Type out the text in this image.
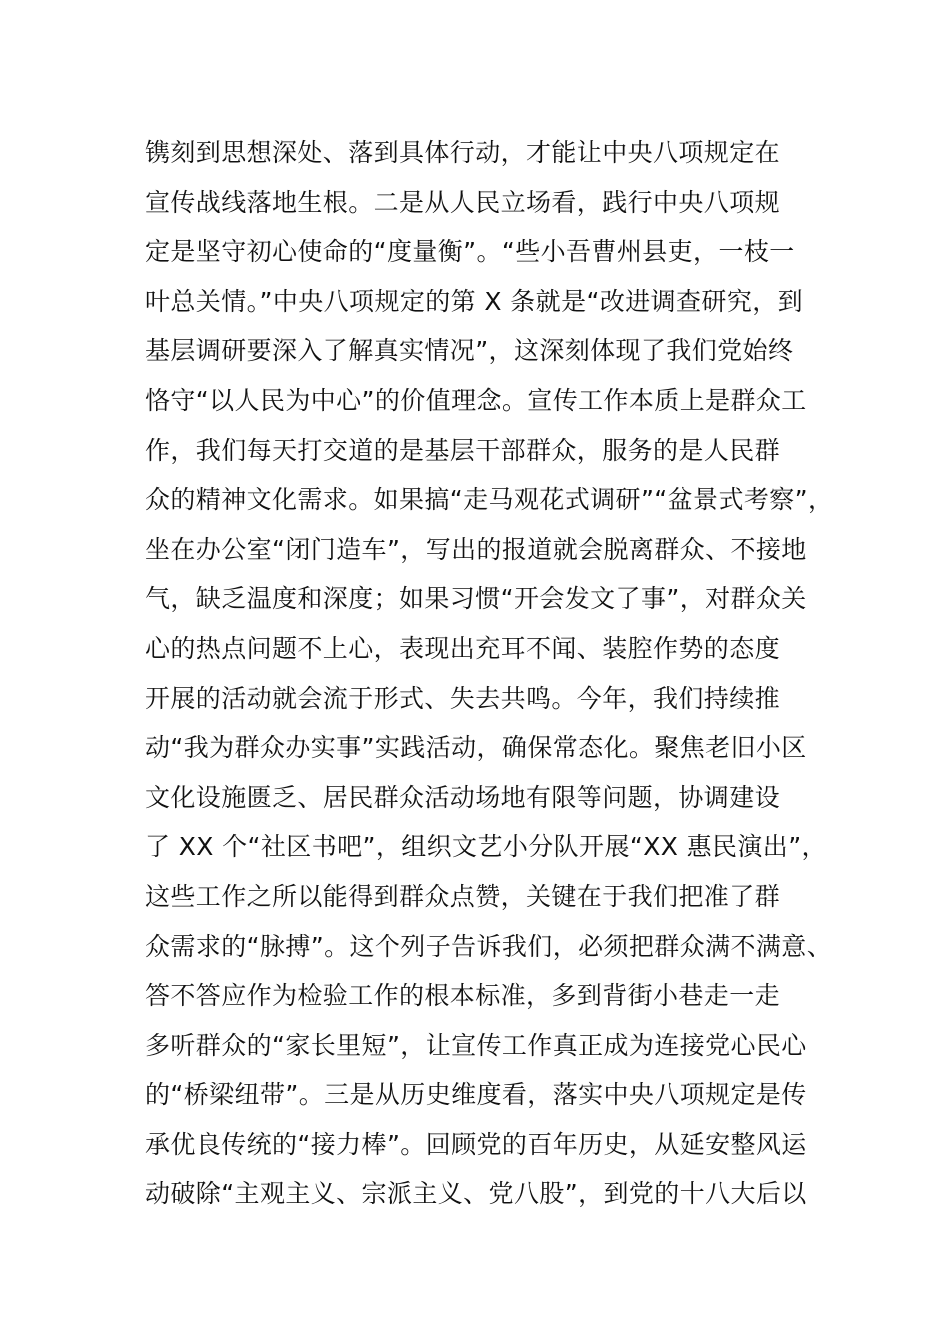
镌刻到思想深处、落到具体行动，才能让中央八项规定在
宣传战线落地生根。二是从人民立场看，践行中央八项规
定是坚守初心使命的“度量衡”。“些小吾曹州县吏，一枝一
叶总关情。”中央八项规定的第 X 条就是“改进调查研究，到
基层调研要深入了解真实情况”，这深刻体现了我们党始终
恪守“以人民为中心”的价值理念。宣传工作本质上是群众工
作，我们每天打交道的是基层干部群众，服务的是人民群
众的精神文化需求。如果搞“走马观花式调研”“盆景式考察”，
坐在办公室“闭门造车”，写出的报道就会脱离群众、不接地
气，缺乏温度和深度；如果习惯“开会发文了事”，对群众关
心的热点问题不上心，表现出充耳不闻、装腔作势的态度
开展的活动就会流于形式、失去共鸣。今年，我们持续推
动“我为群众办实事”实践活动，确保常态化。聚焦老旧小区
文化设施匮乏、居民群众活动场地有限等问题，协调建设
了 XX 个“社区书吧”，组织文艺小分队开展“XX 惠民演出”，
这些工作之所以能得到群众点赞，关键在于我们把准了群
众需求的“脉搏”。这个列子告诉我们，必须把群众满不满意、
答不答应作为检验工作的根本标准，多到背街小巷走一走
多听群众的“家长里短”，让宣传工作真正成为连接党心民心
的“桥梁纽带”。三是从历史维度看，落实中央八项规定是传
承优良传统的“接力棒”。回顾党的百年历史，从延安整风运
动破除“主观主义、宗派主义、党八股”，到党的十八大后以
